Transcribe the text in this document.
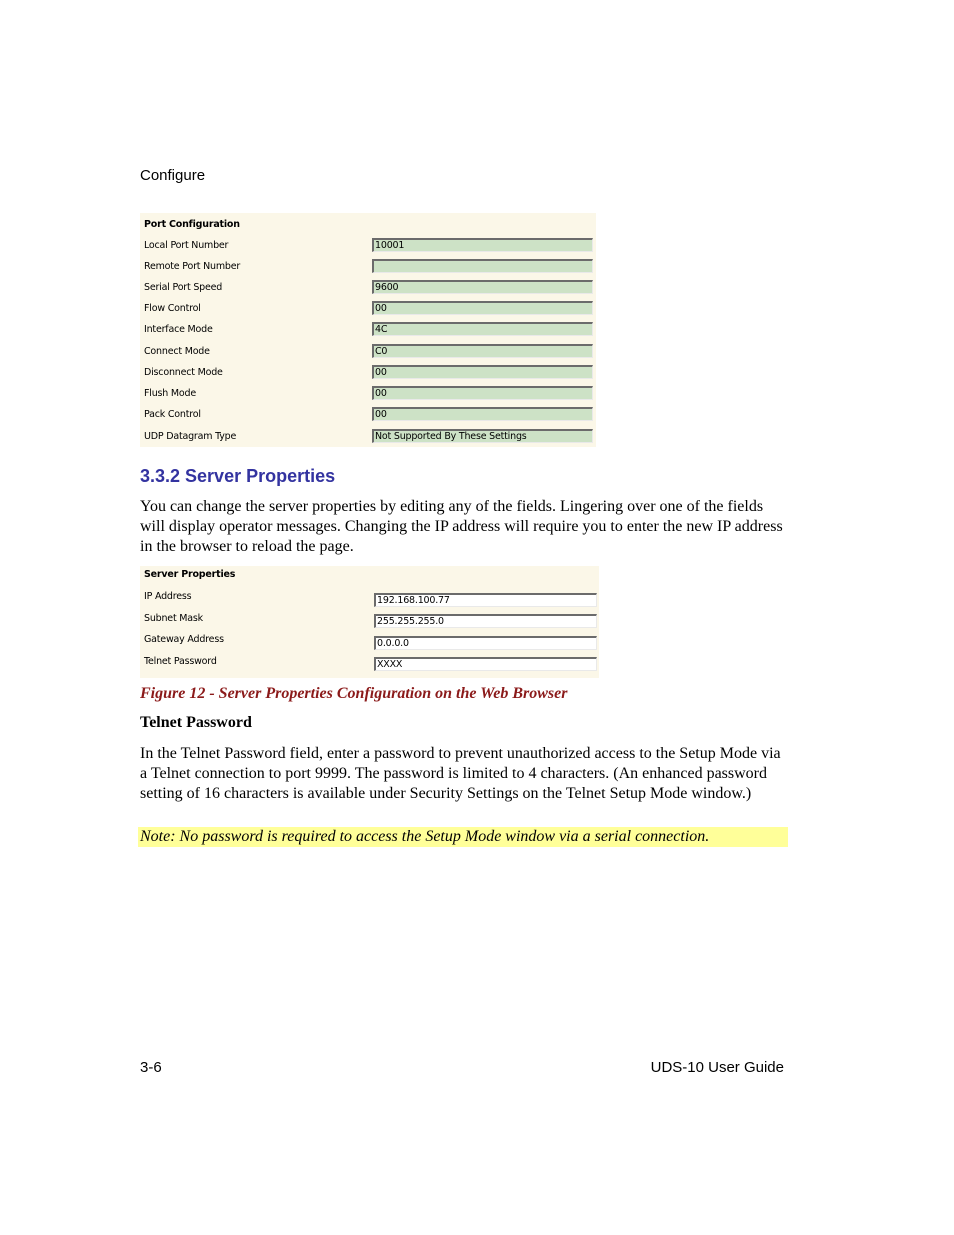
Configure
Port Configuration
Local Port Number	10001
Remote Port Number
Serial Port Speed	9600
Flow Control	00
Interface Mode	4C
Connect Mode	C0
Disconnect Mode	00
Flush Mode	00
Pack Control	00
UDP Datagram Type	Not Supported By These Settings
3.3.2 Server Properties
You can change the server properties by editing any of the fields. Lingering over one of the fields will display operator messages. Changing the IP address will require you to enter the new IP address in the browser to reload the page.
Server Properties
IP Address	192.168.100.77
Subnet Mask	255.255.255.0
Gateway Address	0.0.0.0
Telnet Password	XXXX
Figure 12 - Server Properties Configuration on the Web Browser
Telnet Password
In the Telnet Password field, enter a password to prevent unauthorized access to the Setup Mode via a Telnet connection to port 9999. The password is limited to 4 characters. (An enhanced password setting of 16 characters is available under Security Settings on the Telnet Setup Mode window.)
Note: No password is required to access the Setup Mode window via a serial connection.
3-6	UDS-10 User Guide
